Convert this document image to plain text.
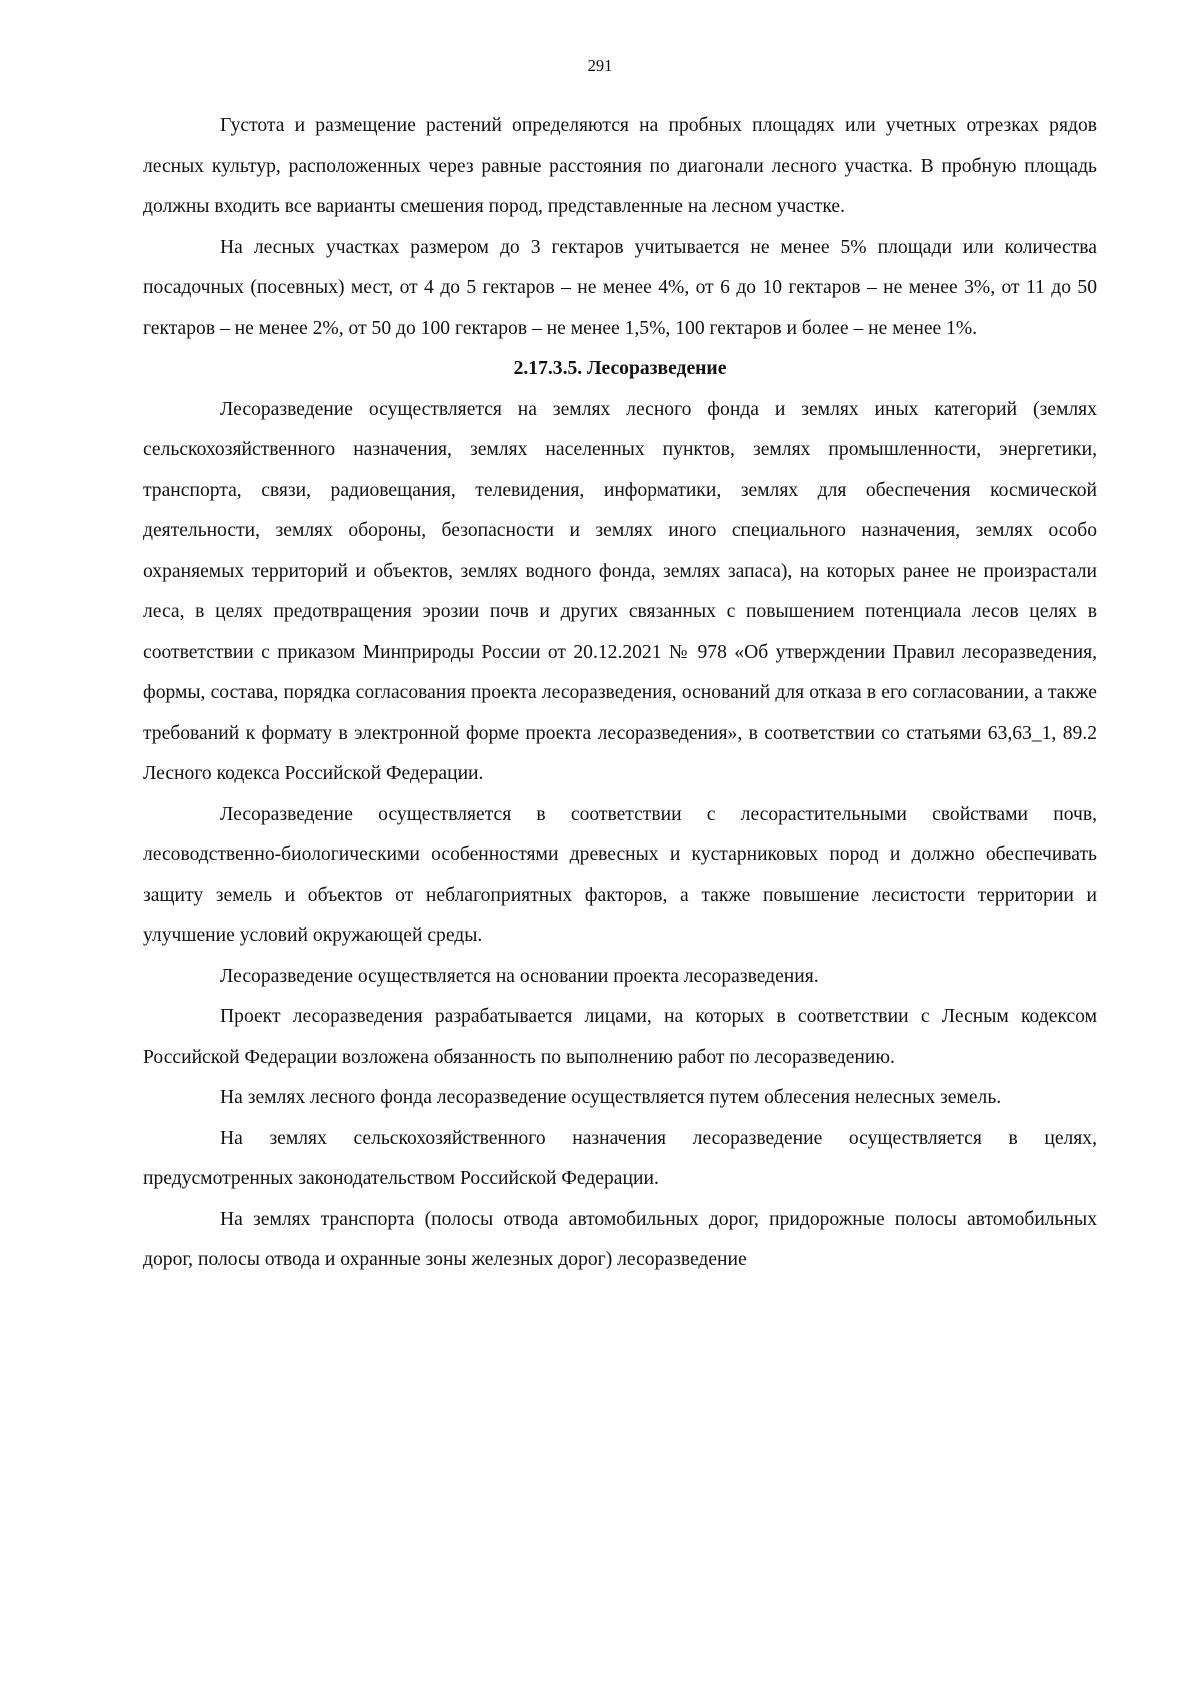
291

Густота и размещение растений определяются на пробных площадях или учетных отрезках рядов лесных культур, расположенных через равные расстояния по диагонали лесного участка. В пробную площадь должны входить все варианты смешения пород, представленные на лесном участке.

На лесных участках размером до 3 гектаров учитывается не менее 5% площади или количества посадочных (посевных) мест, от 4 до 5 гектаров – не менее 4%, от 6 до 10 гектаров – не менее 3%, от 11 до 50 гектаров – не менее 2%, от 50 до 100 гектаров – не менее 1,5%, 100 гектаров и более – не менее 1%.

2.17.3.5. Лесоразведение

Лесоразведение осуществляется на землях лесного фонда и землях иных категорий (землях сельскохозяйственного назначения, землях населенных пунктов, землях промышленности, энергетики, транспорта, связи, радиовещания, телевидения, информатики, землях для обеспечения космической деятельности, землях обороны, безопасности и землях иного специального назначения, землях особо охраняемых территорий и объектов, землях водного фонда, землях запаса), на которых ранее не произрастали леса, в целях предотвращения эрозии почв и других связанных с повышением потенциала лесов целях в соответствии с приказом Минприроды России от 20.12.2021 № 978 «Об утверждении Правил лесоразведения, формы, состава, порядка согласования проекта лесоразведения, оснований для отказа в его согласовании, а также требований к формату в электронной форме проекта лесоразведения», в соответствии со статьями 63,63_1, 89.2 Лесного кодекса Российской Федерации.

Лесоразведение осуществляется в соответствии с лесорастительными свойствами почв, лесоводственно-биологическими особенностями древесных и кустарниковых пород и должно обеспечивать защиту земель и объектов от неблагоприятных факторов, а также повышение лесистости территории и улучшение условий окружающей среды.

Лесоразведение осуществляется на основании проекта лесоразведения.

Проект лесоразведения разрабатывается лицами, на которых в соответствии с Лесным кодексом Российской Федерации возложена обязанность по выполнению работ по лесоразведению.

На землях лесного фонда лесоразведение осуществляется путем облесения нелесных земель.

На землях сельскохозяйственного назначения лесоразведение осуществляется в целях, предусмотренных законодательством Российской Федерации.

На землях транспорта (полосы отвода автомобильных дорог, придорожные полосы автомобильных дорог, полосы отвода и охранные зоны железных дорог) лесоразведение
